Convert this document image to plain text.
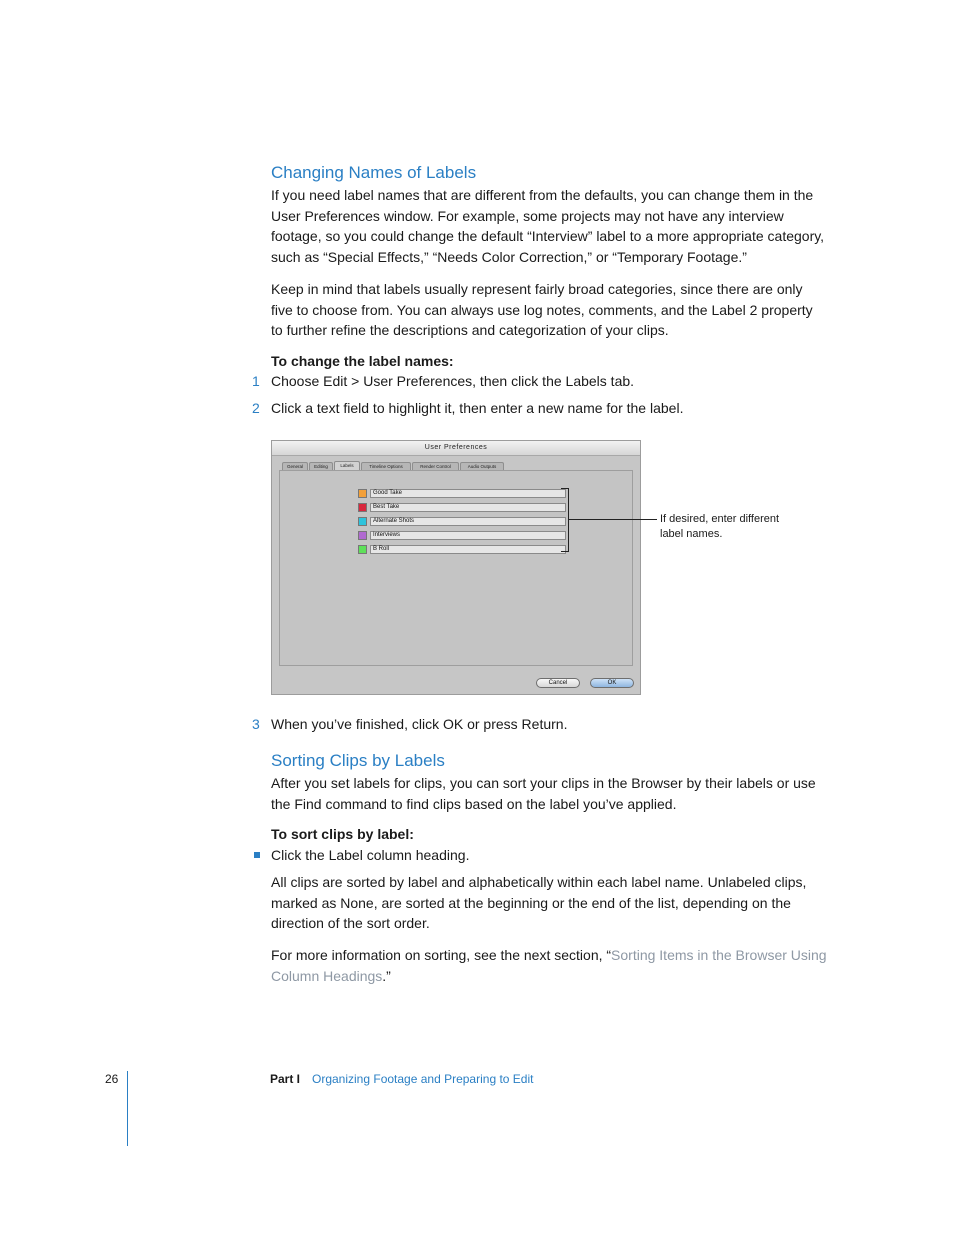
Changing Names of Labels

If you need label names that are different from the defaults, you can change them in the User Preferences window. For example, some projects may not have any interview footage, so you could change the default “Interview” label to a more appropriate category, such as “Special Effects,” “Needs Color Correction,” or “Temporary Footage.”

Keep in mind that labels usually represent fairly broad categories, since there are only five to choose from. You can always use log notes, comments, and the Label 2 property to further refine the descriptions and categorization of your clips.

To change the label names:
1 Choose Edit > User Preferences, then click the Labels tab.
2 Click a text field to highlight it, then enter a new name for the label.
User Preferences
General	Editing	Labels	Timeline Options	Render Control	Audio Outputs
Good Take
Best Take
Alternate Shots
Interviews
B Roll
Cancel	OK
If desired, enter different label names.
3 When you’ve finished, click OK or press Return.
Sorting Clips by Labels

After you set labels for clips, you can sort your clips in the Browser by their labels or use the Find command to find clips based on the label you’ve applied.

To sort clips by label:
Click the Label column heading.

All clips are sorted by label and alphabetically within each label name. Unlabeled clips, marked as None, are sorted at the beginning or the end of the list, depending on the direction of the sort order.

For more information on sorting, see the next section, “Sorting Items in the Browser Using Column Headings.”

26	Part I Organizing Footage and Preparing to Edit
